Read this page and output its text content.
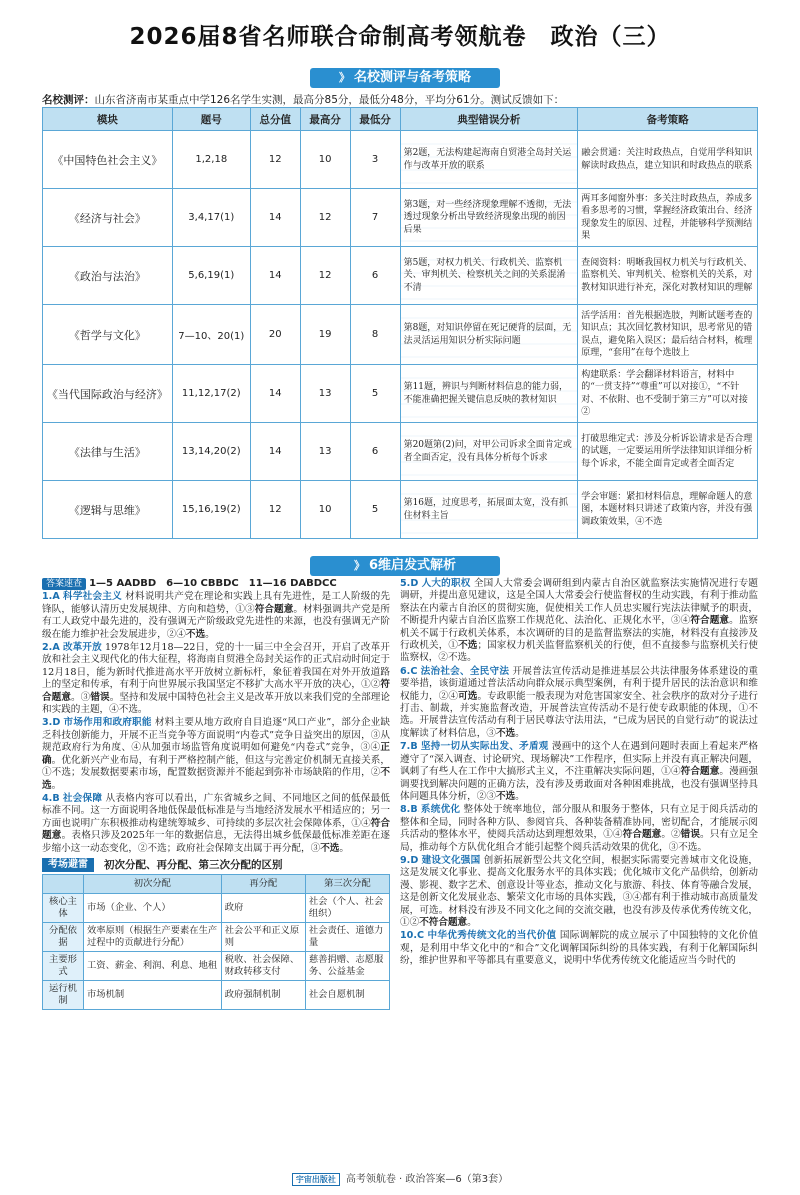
2026届8省名师联合命制高考领航卷　政治（三）
》 名校测评与备考策略
名校测评：山东省济南市某重点中学126名学生实测，最高分85分，最低分48分，平均分61分。测试反馈如下：
模块	题号	总分值	最高分	最低分	典型错误分析	备考策略
《中国特色社会主义》	1,2,18	12	10	3	第2题，无法构建起海南自贸港全岛封关运作与改革开放的联系	融会贯通：关注时政热点，自觉用学科知识解读时政热点，建立知识和时政热点的联系
《经济与社会》	3,4,17(1)	14	12	7	第3题，对一些经济现象理解不透彻，无法透过现象分析出导致经济现象出现的前因后果	两耳多闻窗外事：多关注时政热点，养成多看多思考的习惯，掌握经济政策出台、经济现象发生的原因、过程，并能够科学预测结果
《政治与法治》	5,6,19(1)	14	12	6	第5题，对权力机关、行政机关、监察机关、审判机关、检察机关之间的关系混淆不清	查阅资料：明晰我国权力机关与行政机关、监察机关、审判机关、检察机关的关系，对教材知识进行补充，深化对教材知识的理解
《哲学与文化》	7—10、20(1)	20	19	8	第8题，对知识停留在死记硬背的层面，无法灵活运用知识分析实际问题	活学活用：首先根据选肢，判断试题考查的知识点；其次回忆教材知识，思考常见的错误点，避免陷入误区；最后结合材料，梳理原理，“套用”在每个选肢上
《当代国际政治与经济》	11,12,17(2)	14	13	5	第11题，辨识与判断材料信息的能力弱，不能准确把握关键信息反映的教材知识	构建联系：学会翻译材料语言，材料中的“一贯支持”“尊重”可以对接①，“不针对、不依附、也不受制于第三方”可以对接②
《法律与生活》	13,14,20(2)	14	13	6	第20题第(2)问，对甲公司诉求全面肯定或者全面否定，没有具体分析每个诉求	打破思维定式：涉及分析诉讼请求是否合理的试题，一定要运用所学法律知识详细分析每个诉求，不能全面肯定或者全面否定
《逻辑与思维》	15,16,19(2)	12	10	5	第16题，过度思考，拓展面太宽，没有抓住材料主旨	学会审题：紧扣材料信息，理解命题人的意图，本题材料只讲述了政策内容，并没有强调政策效果，④不选
》 6维启发式解析

答案速查 1—5 AADBD　6—10 CBBDC　11—16 DABDCC

1.A 科学社会主义 材料说明共产党在理论和实践上具有先进性，是工人阶级的先锋队，能够认清历史发展规律、方向和趋势，①③符合题意。材料强调共产党是所有工人政党中最先进的，没有强调无产阶级政党先进性的来源，也没有强调无产阶级在能力维护社会发展进步，②④不选。

2.A 改革开放 1978年12月18—22日，党的十一届三中全会召开，开启了改革开放和社会主义现代化的伟大征程，将海南自贸港全岛封关运作的正式启动时间定于12月18日，能为新时代推进高水平开放树立新标杆，象征着我国在对外开放道路上的坚定和传承，有利于向世界展示我国坚定不移扩大高水平开放的决心，①②符合题意。③错误。坚持和发展中国特色社会主义是改革开放以来我们党的全部理论和实践的主题，④不选。

3.D 市场作用和政府职能 材料主要从地方政府自目追逐“风口产业”，部分企业缺乏科技创新能力，开展不正当竞争等方面说明“内卷式”竞争日益突出的原因，③从规范政府行为角度、④从加强市场监管角度说明如何避免“内卷式”竞争，③④正确。优化新兴产业布局，有利于严格控制产能，但这与完善定价机制无直接关系，①不选；发展数据要素市场，配置数据资源并不能起到弥补市场缺陷的作用，②不选。

4.B 社会保障 从表格内容可以看出，广东省城乡之间、不同地区之间的低保最低标准不同。这一方面说明各地低保最低标准是与当地经济发展水平相适应的；另一方面也说明广东积极推动构建统筹城乡、可持续的多层次社会保障体系，①④符合题意。表格只涉及2025年一年的数据信息，无法得出城乡低保最低标准差距在逐步缩小这一动态变化，②不选；政府社会保障支出属于再分配，③不选。

考场避雷	初次分配、再分配、第三次分配的区别
	初次分配	再分配	第三次分配
核心主体	市场（企业、个人）	政府	社会（个人、社会组织）
分配依据	效率原则（根据生产要素在生产过程中的贡献进行分配）	社会公平和正义原则	社会责任、道德力量
主要形式	工资、薪金、利润、利息、地租	税收、社会保障、财政转移支付	慈善捐赠、志愿服务、公益基金
运行机制	市场机制	政府强制机制	社会自愿机制

5.D 人大的职权 全国人大常委会调研组到内蒙古自治区就监察法实施情况进行专题调研，并提出意见建议，这是全国人大常委会行使监督权的生动实践，有利于推动监察法在内蒙古自治区的贯彻实施，促使相关工作人员忠实履行宪法法律赋予的职责，不断提升内蒙古自治区监察工作规范化、法治化、正规化水平，③④符合题意。监察机关不属于行政机关体系，本次调研的目的是监督监察法的实施，材料没有直接涉及行政机关，①不选；国家权力机关监督监察机关的行使，但不直接参与监察机关行使监察权，②不选。

6.C 法治社会、全民守法 开展普法宣传活动是推进基层公共法律服务体系建设的重要举措，该街道通过普法活动向群众展示典型案例，有利于提升居民的法治意识和维权能力，②④可选。专政职能一般表现为对危害国家安全、社会秩序的敌对分子进行打击、制裁，并实施监督改造，开展普法宣传活动不是行使专政职能的体现，①不选。开展普法宣传活动有利于居民尊法守法用法，“已成为居民的自觉行动”的说法过度解读了材料信息，③不选。

7.B 坚持一切从实际出发、矛盾观 漫画中的这个人在遇到问题时表面上看起来严格遵守了“深入调查、讨论研究、现场解决”工作程序，但实际上并没有真正解决问题，讽刺了有些人在工作中大搞形式主义，不注重解决实际问题，①④符合题意。漫画强调要找到解决问题的正确方法，没有涉及勇敢面对各种困难挑战，也没有强调坚持具体问题具体分析，②③不选。

8.B 系统优化 整体处于统率地位，部分服从和服务于整体，只有立足于阅兵活动的整体和全局，同时各种方队、参阅官兵、各种装备精准协同，密切配合，才能展示阅兵活动的整体水平，使阅兵活动达到理想效果，①④符合题意。②错误。只有立足全局，推动每个方队优化组合才能引起整个阅兵活动效果的优化，③不选。

9.D 建设文化强国 创新拓展新型公共文化空间，根据实际需要完善城市文化设施，这是发展文化事业、提高文化服务水平的具体实践；优化城市文化产品供给，创新动漫、影视、数字艺术、创意设计等业态，推动文化与旅游、科技、体育等融合发展，这是创新文化发展业态、繁荣文化市场的具体实践，③④都有利于推动城市高质量发展，可选。材料没有涉及不同文化之间的交流交融，也没有涉及传承优秀传统文化，①②不符合题意。

10.C 中华优秀传统文化的当代价值 国际调解院的成立展示了中国独特的文化价值观，是利用中华文化中的“和合”文化调解国际纠纷的具体实践，有利于化解国际纠纷，维护世界和平等都具有重要意义，说明中华优秀传统文化能适应当今时代的

宇宙出版社 高考领航卷 · 政治答案—6（第3套）
